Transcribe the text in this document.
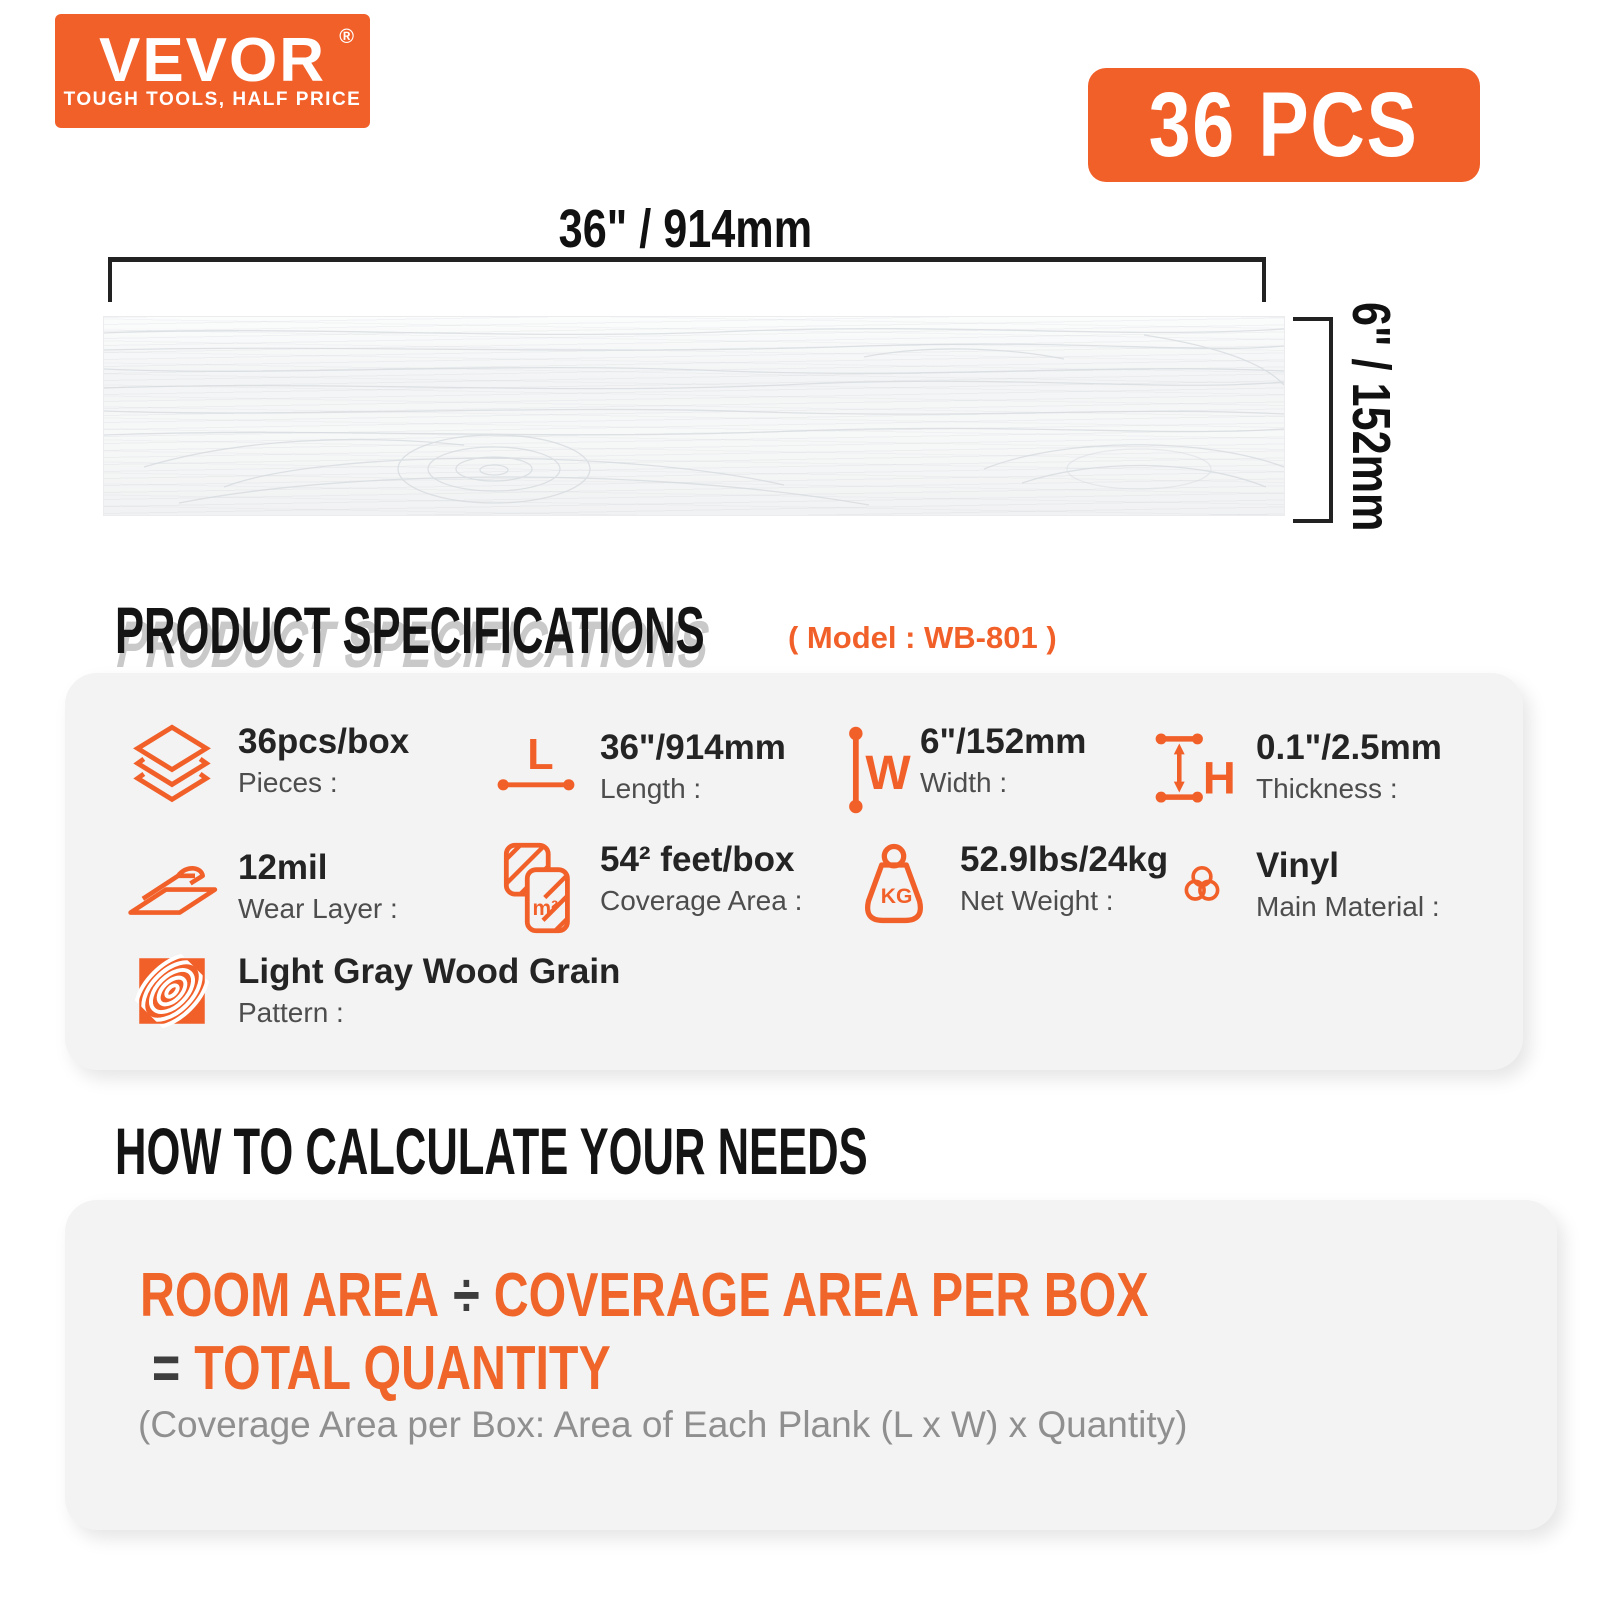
VEVOR ®
TOUGH TOOLS, HALF PRICE	36 PCS
36" / 914mm
6" / 152mm
PRODUCT SPECIFICATIONS PRODUCT SPECIFICATIONS	( Model : WB-801 )
36pcs/box
Pieces :
L 36"/914mm
Length :	W
6"/152mm
Width :	H
0.1"/2.5mm
Thickness :
12mil
Wear Layer :	m²
54² feet/box
Coverage Area :	KG
52.9lbs/24kg
Net Weight :
Vinyl
Main Material :
Light Gray Wood Grain
Pattern :
HOW TO CALCULATE YOUR NEEDS
ROOM AREA ÷ COVERAGE AREA PER BOX
= TOTAL QUANTITY
(Coverage Area per Box: Area of Each Plank (L x W) x Quantity)
